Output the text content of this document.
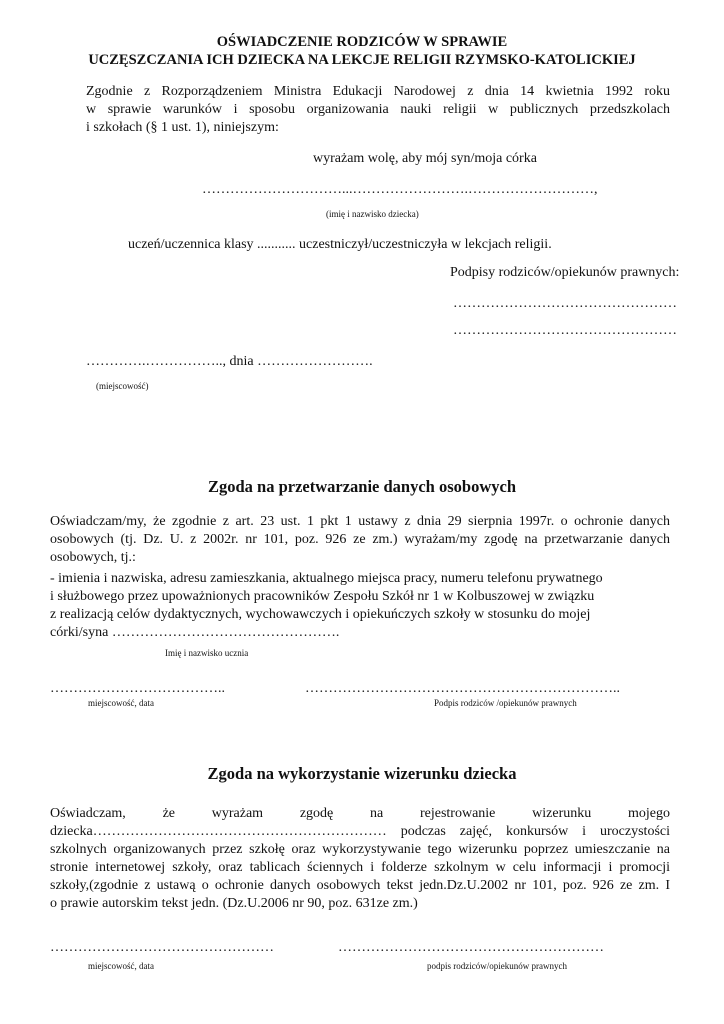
OŚWIADCZENIE RODZICÓW W SPRAWIE
UCZĘSZCZANIA ICH DZIECKA NA LEKCJE RELIGII RZYMSKO-KATOLICKIEJ
Zgodnie z Rozporządzeniem Ministra Edukacji Narodowej z dnia 14 kwietnia 1992 roku
w sprawie warunków i sposobu organizowania nauki religii w publicznych przedszkolach
i szkołach (§ 1 ust. 1), niniejszym:
wyrażam wolę, aby mój syn/moja córka
…………………………...…………………….………………………,
(imię i nazwisko dziecka)
uczeń/uczennica klasy ........... uczestniczył/uczestniczyła w lekcjach religii.
Podpisy rodziców/opiekunów prawnych:
…………………………………………
…………………………………………
………….…………….., dnia …………………….
(miejscowość)
Zgoda na przetwarzanie danych osobowych
Oświadczam/my, że zgodnie z art. 23 ust. 1 pkt 1 ustawy z dnia 29 sierpnia 1997r. o ochronie danych
osobowych (tj. Dz. U. z 2002r. nr 101, poz. 926 ze zm.) wyrażam/my zgodę na przetwarzanie danych
osobowych, tj.:
- imienia i nazwiska, adresu zamieszkania, aktualnego miejsca pracy, numeru telefonu prywatnego
i służbowego przez upoważnionych pracowników Zespołu Szkół nr 1 w Kolbuszowej w związku
z realizacją celów dydaktycznych, wychowawczych i opiekuńczych szkoły w stosunku do mojej
córki/syna ………………………………………….
Imię i nazwisko ucznia
………………………………..	…………………………………………………………..
miejscowość, data	Podpis rodziców /opiekunów prawnych
Zgoda na wykorzystanie wizerunku dziecka
Oświadczam, że wyrażam zgodę na rejestrowanie wizerunku mojego
dziecka……………………………………………………… podczas zajęć, konkursów i uroczystości
szkolnych organizowanych przez szkołę oraz wykorzystywanie tego wizerunku poprzez umieszczanie na
stronie internetowej szkoły, oraz tablicach ściennych i folderze szkolnym w celu informacji i promocji
szkoły,(zgodnie z ustawą o ochronie danych osobowych tekst jedn.Dz.U.2002 nr 101, poz. 926 ze zm. I
o prawie autorskim tekst jedn. (Dz.U.2006 nr 90, poz. 631ze zm.)
…………………………………………	…………………………………………………
miejscowość, data	podpis rodziców/opiekunów prawnych
